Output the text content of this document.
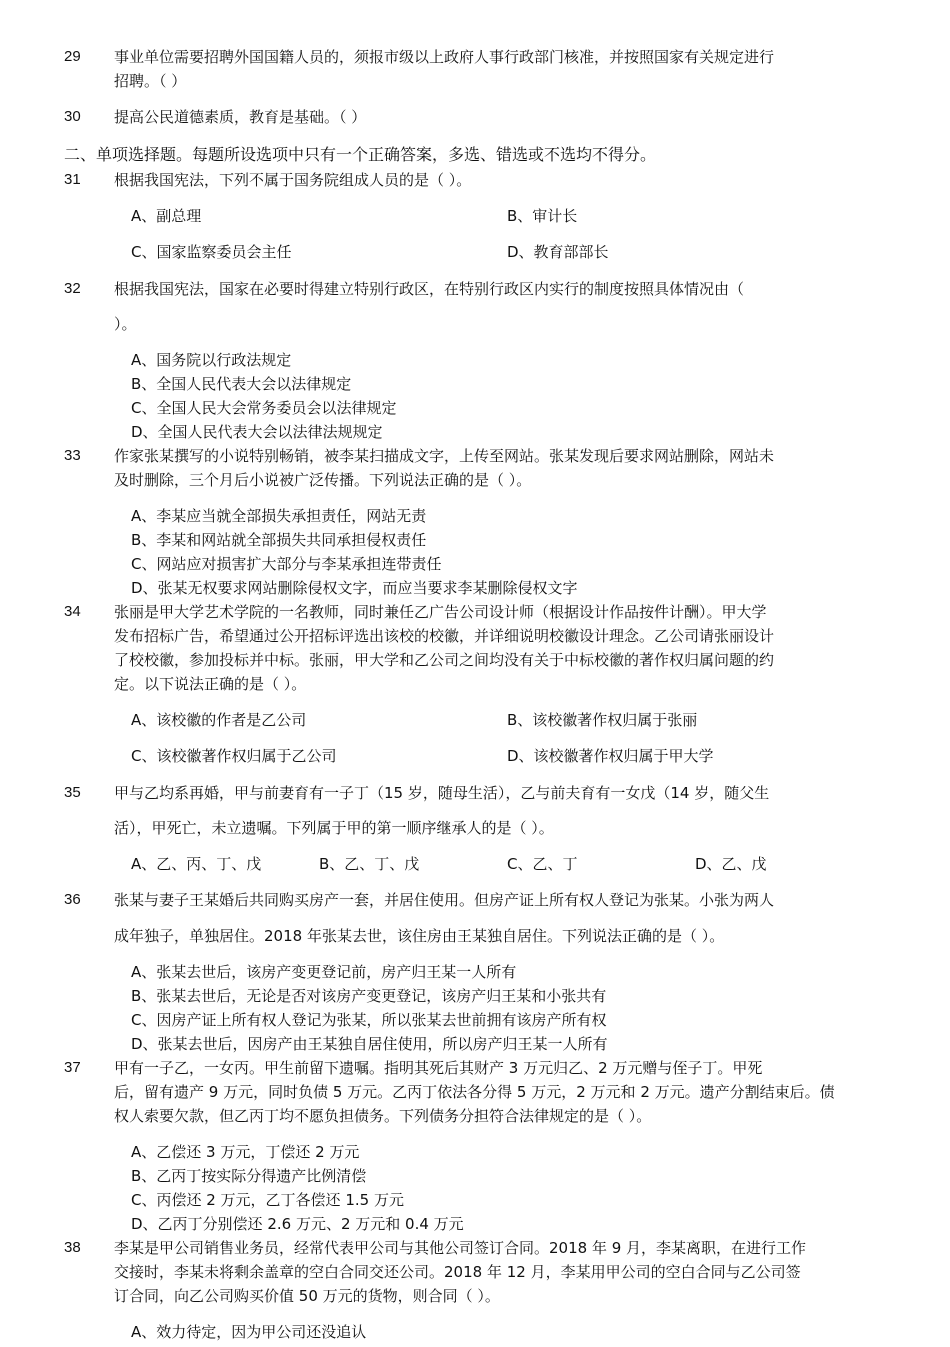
29 事业单位需要招聘外国国籍人员的，须报市级以上政府人事行政部门核准，并按照国家有关规定进行
招聘。（ ）
30 提高公民道德素质，教育是基础。（ ）
二、单项选择题。每题所设选项中只有一个正确答案，多选、错选或不选均不得分。
31 根据我国宪法，下列不属于国务院组成人员的是（ ）。
A、副总理	B、审计长
C、国家监察委员会主任	D、教育部部长
32 根据我国宪法，国家在必要时得建立特别行政区，在特别行政区内实行的制度按照具体情况由（
）。
A、国务院以行政法规定
B、全国人民代表大会以法律规定
C、全国人民大会常务委员会以法律规定
D、全国人民代表大会以法律法规规定
33 作家张某撰写的小说特别畅销，被李某扫描成文字，上传至网站。张某发现后要求网站删除，网站未
及时删除，三个月后小说被广泛传播。下列说法正确的是（ ）。
A、李某应当就全部损失承担责任，网站无责
B、李某和网站就全部损失共同承担侵权责任
C、网站应对损害扩大部分与李某承担连带责任
D、张某无权要求网站删除侵权文字，而应当要求李某删除侵权文字
34 张丽是甲大学艺术学院的一名教师，同时兼任乙广告公司设计师（根据设计作品按件计酬）。甲大学
发布招标广告，希望通过公开招标评选出该校的校徽，并详细说明校徽设计理念。乙公司请张丽设计
了校校徽，参加投标并中标。张丽，甲大学和乙公司之间均没有关于中标校徽的著作权归属问题的约
定。以下说法正确的是（ ）。
A、该校徽的作者是乙公司	B、该校徽著作权归属于张丽
C、该校徽著作权归属于乙公司	D、该校徽著作权归属于甲大学
35 甲与乙均系再婚，甲与前妻育有一子丁（15 岁，随母生活），乙与前夫育有一女戊（14 岁，随父生
活），甲死亡，未立遗嘱。下列属于甲的第一顺序继承人的是（ ）。
A、乙、丙、丁、戊	B、乙、丁、戊	C、乙、丁	D、乙、戊
36 张某与妻子王某婚后共同购买房产一套，并居住使用。但房产证上所有权人登记为张某。小张为两人
成年独子，单独居住。2018 年张某去世，该住房由王某独自居住。下列说法正确的是（ ）。
A、张某去世后，该房产变更登记前，房产归王某一人所有
B、张某去世后，无论是否对该房产变更登记，该房产归王某和小张共有
C、因房产证上所有权人登记为张某，所以张某去世前拥有该房产所有权
D、张某去世后，因房产由王某独自居住使用，所以房产归王某一人所有
37 甲有一子乙，一女丙。甲生前留下遗嘱。指明其死后其财产 3 万元归乙、2 万元赠与侄子丁。甲死
后，留有遗产 9 万元，同时负债 5 万元。乙丙丁依法各分得 5 万元，2 万元和 2 万元。遗产分割结束后。债
权人索要欠款，但乙丙丁均不愿负担债务。下列债务分担符合法律规定的是（ ）。
A、乙偿还 3 万元，丁偿还 2 万元
B、乙丙丁按实际分得遗产比例清偿
C、丙偿还 2 万元，乙丁各偿还 1.5 万元
D、乙丙丁分别偿还 2.6 万元、2 万元和 0.4 万元
38 李某是甲公司销售业务员，经常代表甲公司与其他公司签订合同。2018 年 9 月，李某离职，在进行工作
交接时，李某未将剩余盖章的空白合同交还公司。2018 年 12 月，李某用甲公司的空白合同与乙公司签
订合同，向乙公司购买价值 50 万元的货物，则合同（ ）。
A、效力待定，因为甲公司还没追认
